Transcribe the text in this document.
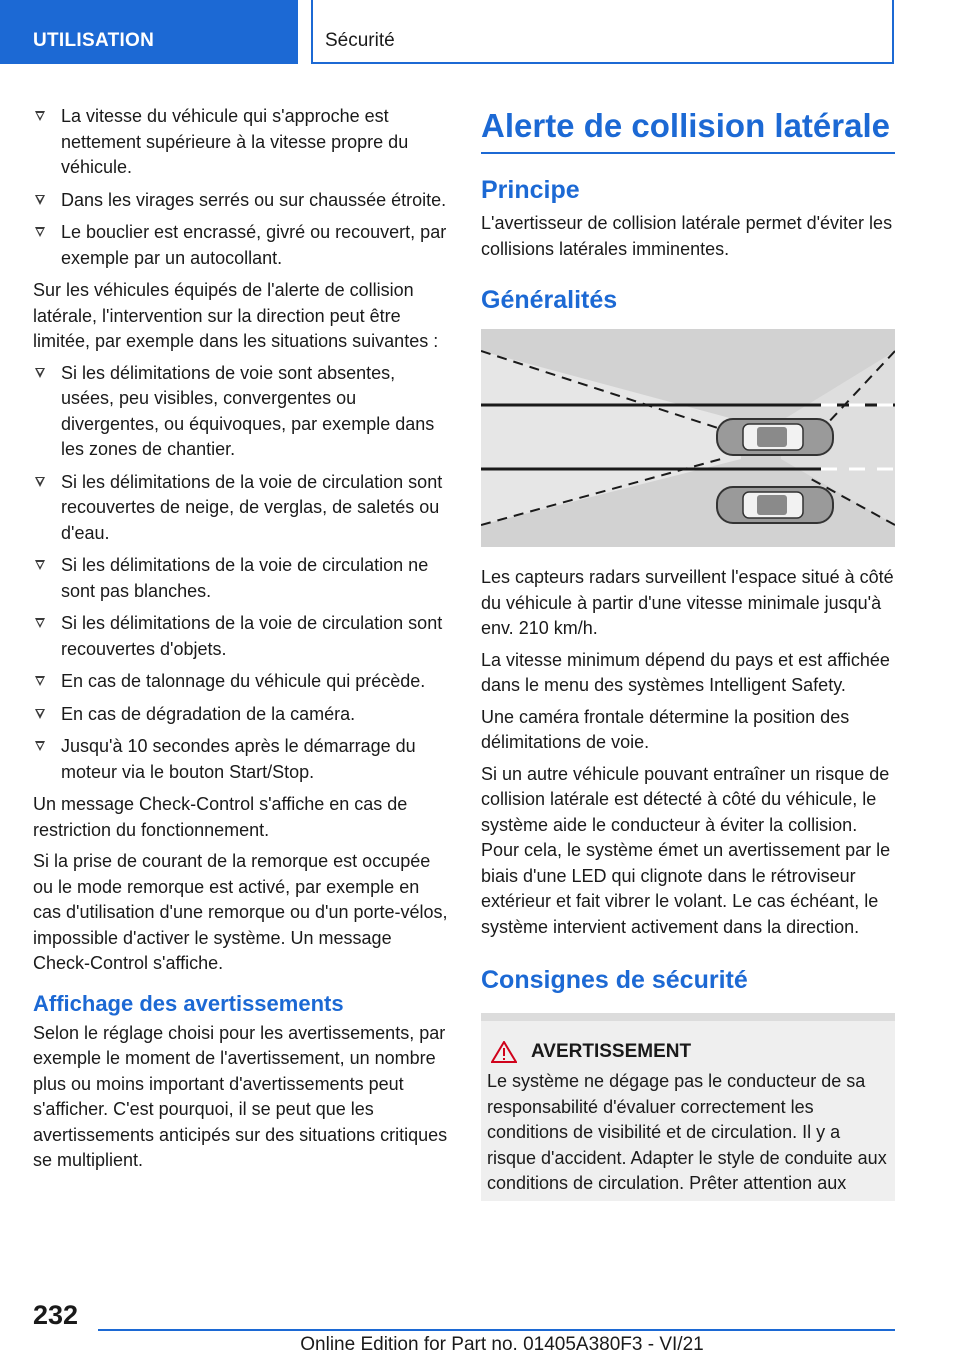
UTILISATION	Sécurité
La vitesse du véhicule qui s'approche est nettement supérieure à la vitesse propre du véhicule.
Dans les virages serrés ou sur chaussée étroite.
Le bouclier est encrassé, givré ou recouvert, par exemple par un autocollant.

Sur les véhicules équipés de l'alerte de collision latérale, l'intervention sur la direction peut être limitée, par exemple dans les situations suivantes :

Si les délimitations de voie sont absentes, usées, peu visibles, convergentes ou divergentes, ou équivoques, par exemple dans les zones de chantier.
Si les délimitations de la voie de circulation sont recouvertes de neige, de verglas, de saletés ou d'eau.
Si les délimitations de la voie de circulation ne sont pas blanches.
Si les délimitations de la voie de circulation sont recouvertes d'objets.
En cas de talonnage du véhicule qui précède.
En cas de dégradation de la caméra.
Jusqu'à 10 secondes après le démarrage du moteur via le bouton Start/Stop.

Un message Check-Control s'affiche en cas de restriction du fonctionnement.

Si la prise de courant de la remorque est occupée ou le mode remorque est activé, par exemple en cas d'utilisation d'une remorque ou d'un porte-vélos, impossible d'activer le système. Un message Check-Control s'affiche.

Affichage des avertissements

Selon le réglage choisi pour les avertissements, par exemple le moment de l'avertissement, un nombre plus ou moins important d'avertissements peut s'afficher. C'est pourquoi, il se peut que les avertissements anticipés sur des situations critiques se multiplient.

Alerte de collision latérale
Principe

L'avertisseur de collision latérale permet d'éviter les collisions latérales imminentes.

Généralités

Les capteurs radars surveillent l'espace situé à côté du véhicule à partir d'une vitesse minimale jusqu'à env. 210 km/h.

La vitesse minimum dépend du pays et est affichée dans le menu des systèmes Intelligent Safety.

Une caméra frontale détermine la position des délimitations de voie.

Si un autre véhicule pouvant entraîner un risque de collision latérale est détecté à côté du véhicule, le système aide le conducteur à éviter la collision. Pour cela, le système émet un avertissement par le biais d'une LED qui clignote dans le rétroviseur extérieur et fait vibrer le volant. Le cas échéant, le système intervient activement dans la direction.

Consignes de sécurité
AVERTISSEMENT

Le système ne dégage pas le conducteur de sa responsabilité d'évaluer correctement les conditions de visibilité et de circulation. Il y a risque d'accident. Adapter le style de conduite aux conditions de circulation. Prêter attention aux

232
Online Edition for Part no. 01405A380F3 - VI/21
